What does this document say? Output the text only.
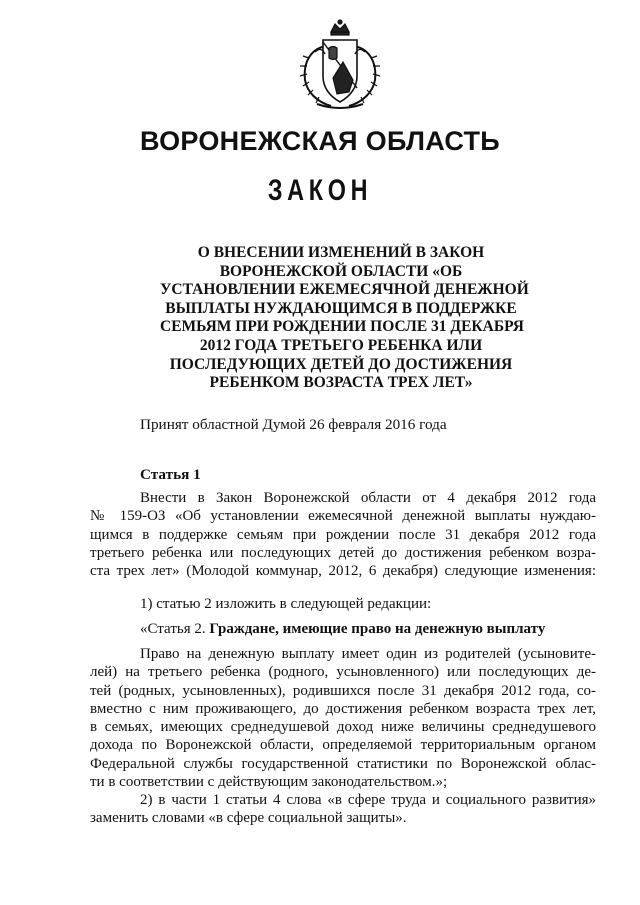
ВОРОНЕЖСКАЯ ОБЛАСТЬ
ЗАКОН
О ВНЕСЕНИИ ИЗМЕНЕНИЙ В ЗАКОН
ВОРОНЕЖСКОЙ ОБЛАСТИ «ОБ
УСТАНОВЛЕНИИ ЕЖЕМЕСЯЧНОЙ ДЕНЕЖНОЙ
ВЫПЛАТЫ НУЖДАЮЩИМСЯ В ПОДДЕРЖКЕ
СЕМЬЯМ ПРИ РОЖДЕНИИ ПОСЛЕ 31 ДЕКАБРЯ
2012 ГОДА ТРЕТЬЕГО РЕБЕНКА ИЛИ
ПОСЛЕДУЮЩИХ ДЕТЕЙ ДО ДОСТИЖЕНИЯ
РЕБЕНКОМ ВОЗРАСТА ТРЕХ ЛЕТ»
Принят областной Думой 26 февраля 2016 года
Статья 1
Внести в Закон Воронежской области от 4 декабря 2012 года
№ 159-ОЗ «Об установлении ежемесячной денежной выплаты нуждаю-
щимся в поддержке семьям при рождении после 31 декабря 2012 года
третьего ребенка или последующих детей до достижения ребенком возра-
ста трех лет» (Молодой коммунар, 2012, 6 декабря) следующие изменения:
1) статью 2 изложить в следующей редакции:
«Статья 2. Граждане, имеющие право на денежную выплату
Право на денежную выплату имеет один из родителей (усыновите-
лей) на третьего ребенка (родного, усыновленного) или последующих де-
тей (родных, усыновленных), родившихся после 31 декабря 2012 года, со-
вместно с ним проживающего, до достижения ребенком возраста трех лет,
в семьях, имеющих среднедушевой доход ниже величины среднедушевого
дохода по Воронежской области, определяемой территориальным органом
Федеральной службы государственной статистики по Воронежской облас-
ти в соответствии с действующим законодательством.»;
2) в части 1 статьи 4 слова «в сфере труда и социального развития»
заменить словами «в сфере социальной защиты».
